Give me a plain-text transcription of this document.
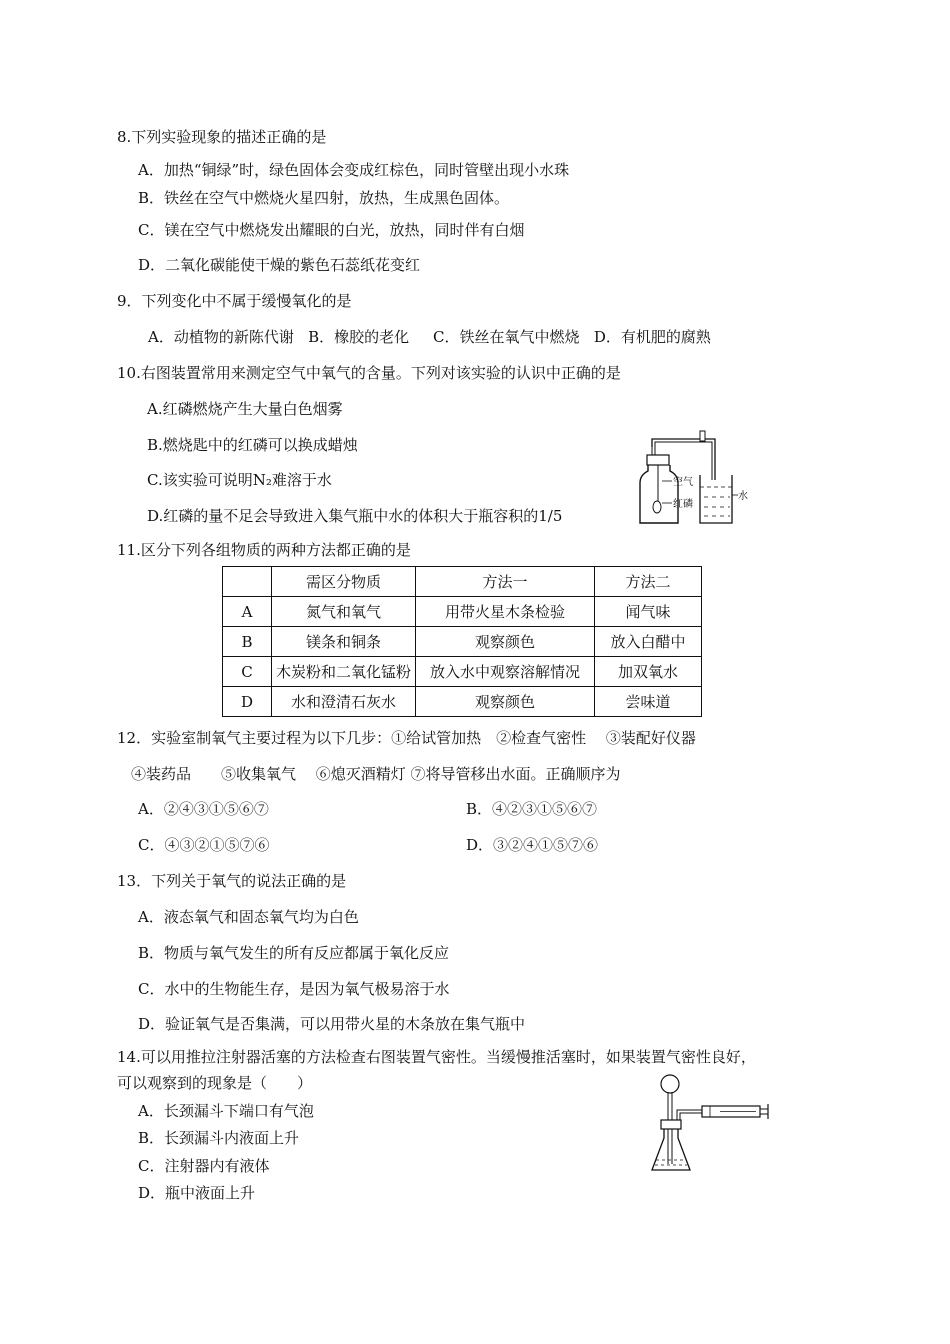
8.下列实验现象的描述正确的是
A．加热“铜绿”时，绿色固体会变成红棕色，同时管壁出现小水珠
B．铁丝在空气中燃烧火星四射，放热，生成黑色固体。
C．镁在空气中燃烧发出耀眼的白光，放热，同时伴有白烟
D．二氧化碳能使干燥的紫色石蕊纸花变红
9．下列变化中不属于缓慢氧化的是
A．动植物的新陈代谢 B．橡胶的老化 C．铁丝在氧气中燃烧 D．有机肥的腐熟
10.右图装置常用来测定空气中氧气的含量。下列对该实验的认识中正确的是
A.红磷燃烧产生大量白色烟雾
B.燃烧匙中的红磷可以换成蜡烛
C.该实验可说明N₂难溶于水
D.红磷的量不足会导致进入集气瓶中水的体积大于瓶容积的1/5
空气
红磷
水
11.区分下列各组物质的两种方法都正确的是
	需区分物质	方法一	方法二
A	氮气和氧气	用带火星木条检验	闻气味
B	镁条和铜条	观察颜色	放入白醋中
C	木炭粉和二氧化锰粉	放入水中观察溶解情况	加双氧水
D	水和澄清石灰水	观察颜色	尝味道
12．实验室制氧气主要过程为以下几步：①给试管加热　②检查气密性　 ③装配好仪器
④装药品　　⑤收集氧气　 ⑥熄灭酒精灯 ⑦将导管移出水面。正确顺序为
A．②④③①⑤⑥⑦	B．④②③①⑤⑥⑦
C．④③②①⑤⑦⑥	D．③②④①⑤⑦⑥
13．下列关于氧气的说法正确的是
A．液态氧气和固态氧气均为白色
B．物质与氧气发生的所有反应都属于氧化反应
C．水中的生物能生存，是因为氧气极易溶于水
D．验证氧气是否集满，可以用带火星的木条放在集气瓶中
14.可以用推拉注射器活塞的方法检查右图装置气密性。当缓慢推活塞时，如果装置气密性良好，
可以观察到的现象是（　　）
A．长颈漏斗下端口有气泡
B．长颈漏斗内液面上升
C．注射器内有液体
D．瓶中液面上升
